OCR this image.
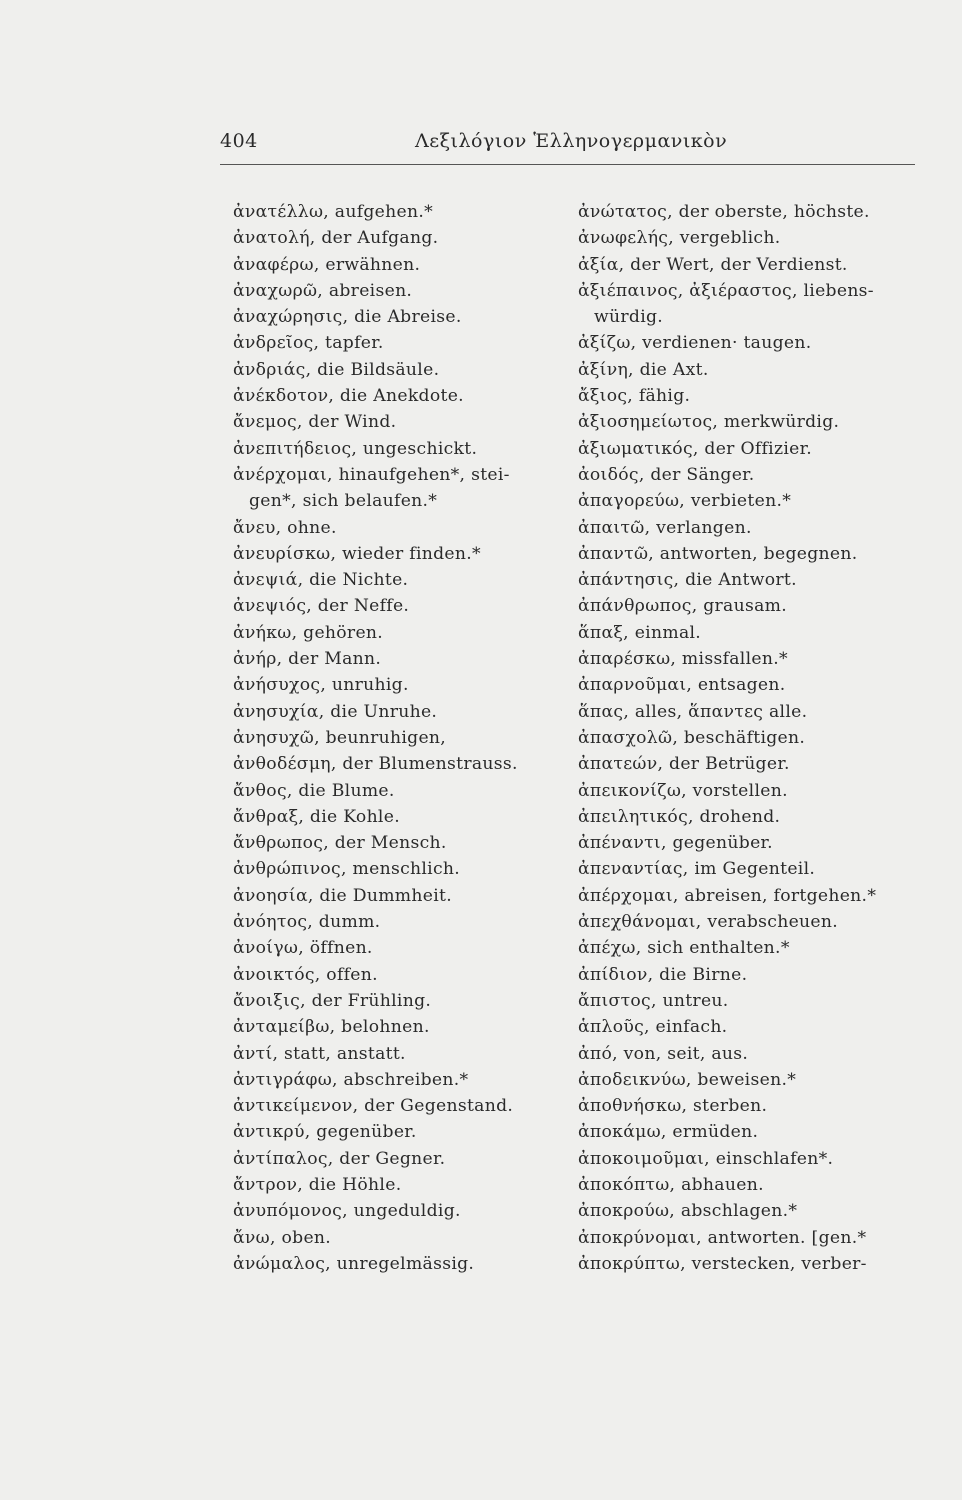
404	Λεξιλόγιον Ἑλληνογερμανικὸν
ἀνατέλλω, aufgehen.*
ἀνατολή, der Aufgang.
ἀναφέρω, erwähnen.
ἀναχωρῶ, abreisen.
ἀναχώρησις, die Abreise.
ἀνδρεῖος, tapfer.
ἀνδριάς, die Bildsäule.
ἀνέκδοτον, die Anekdote.
ἄνεμος, der Wind.
ἀνεπιτήδειος, ungeschickt.
ἀνέρχομαι, hinaufgehen*, stei-
gen*, sich belaufen.*
ἄνευ, ohne.
ἀνευρίσκω, wieder finden.*
ἀνεψιά, die Nichte.
ἀνεψιός, der Neffe.
ἀνήκω, gehören.
ἀνήρ, der Mann.
ἀνήσυχος, unruhig.
ἀνησυχία, die Unruhe.
ἀνησυχῶ, beunruhigen,
ἀνθοδέσμη, der Blumenstrauss.
ἄνθος, die Blume.
ἄνθραξ, die Kohle.
ἄνθρωπος, der Mensch.
ἀνθρώπινος, menschlich.
ἀνοησία, die Dummheit.
ἀνόητος, dumm.
ἀνοίγω, öffnen.
ἀνοικτός, offen.
ἄνοιξις, der Frühling.
ἀνταμείβω, belohnen.
ἀντί, statt, anstatt.
ἀντιγράφω, abschreiben.*
ἀντικείμενον, der Gegenstand.
ἀντικρύ, gegenüber.
ἀντίπαλος, der Gegner.
ἄντρον, die Höhle.
ἀνυπόμονος, ungeduldig.
ἄνω, oben.
ἀνώμαλος, unregelmässig.
ἀνώτατος, der oberste, höchste.
ἀνωφελής, vergeblich.
ἀξία, der Wert, der Verdienst.
ἀξιέπαινος, ἀξιέραστος, liebens-
würdig.
ἀξίζω, verdienen· taugen.
ἀξίνη, die Axt.
ἄξιος, fähig.
ἀξιοσημείωτος, merkwürdig.
ἀξιωματικός, der Offizier.
ἀοιδός, der Sänger.
ἀπαγορεύω, verbieten.*
ἀπαιτῶ, verlangen.
ἀπαντῶ, antworten, begegnen.
ἀπάντησις, die Antwort.
ἀπάνθρωπος, grausam.
ἅπαξ, einmal.
ἀπαρέσκω, missfallen.*
ἀπαρνοῦμαι, entsagen.
ἅπας, alles, ἅπαντες alle.
ἀπασχολῶ, beschäftigen.
ἀπατεών, der Betrüger.
ἀπεικονίζω, vorstellen.
ἀπειλητικός, drohend.
ἀπέναντι, gegenüber.
ἀπεναντίας, im Gegenteil.
ἀπέρχομαι, abreisen, fortgehen.*
ἀπεχθάνομαι, verabscheuen.
ἀπέχω, sich enthalten.*
ἀπίδιον, die Birne.
ἄπιστος, untreu.
ἁπλοῦς, einfach.
ἀπό, von, seit, aus.
ἀποδεικνύω, beweisen.*
ἀποθνήσκω, sterben.
ἀποκάμω, ermüden.
ἀποκοιμοῦμαι, einschlafen*.
ἀποκόπτω, abhauen.
ἀποκρούω, abschlagen.*
ἀποκρύνομαι, antworten. [gen.*
ἀποκρύπτω, verstecken, verber-
